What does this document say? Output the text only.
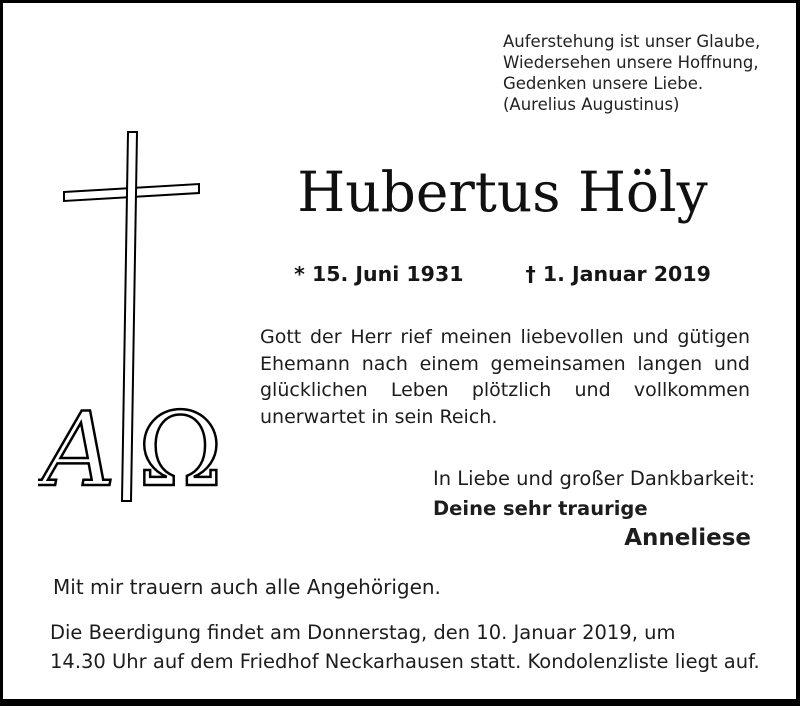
Auferstehung ist unser Glaube,
Wiedersehen unsere Hoffnung,
Gedenken unsere Liebe.
(Aurelius Augustinus)
Α Ω
Hubertus Höly
* 15. Juni 1931	† 1. Januar 2019
Gott der Herr rief meinen liebevollen und gütigen
Ehemann nach einem gemeinsamen langen und
glücklichen Leben plötzlich und vollkommen
unerwartet in sein Reich.
In Liebe und großer Dankbarkeit:
Deine sehr traurige
Anneliese
Mit mir trauern auch alle Angehörigen.
Die Beerdigung findet am Donnerstag, den 10. Januar 2019, um
14.30 Uhr auf dem Friedhof Neckarhausen statt. Kondolenzliste liegt auf.
